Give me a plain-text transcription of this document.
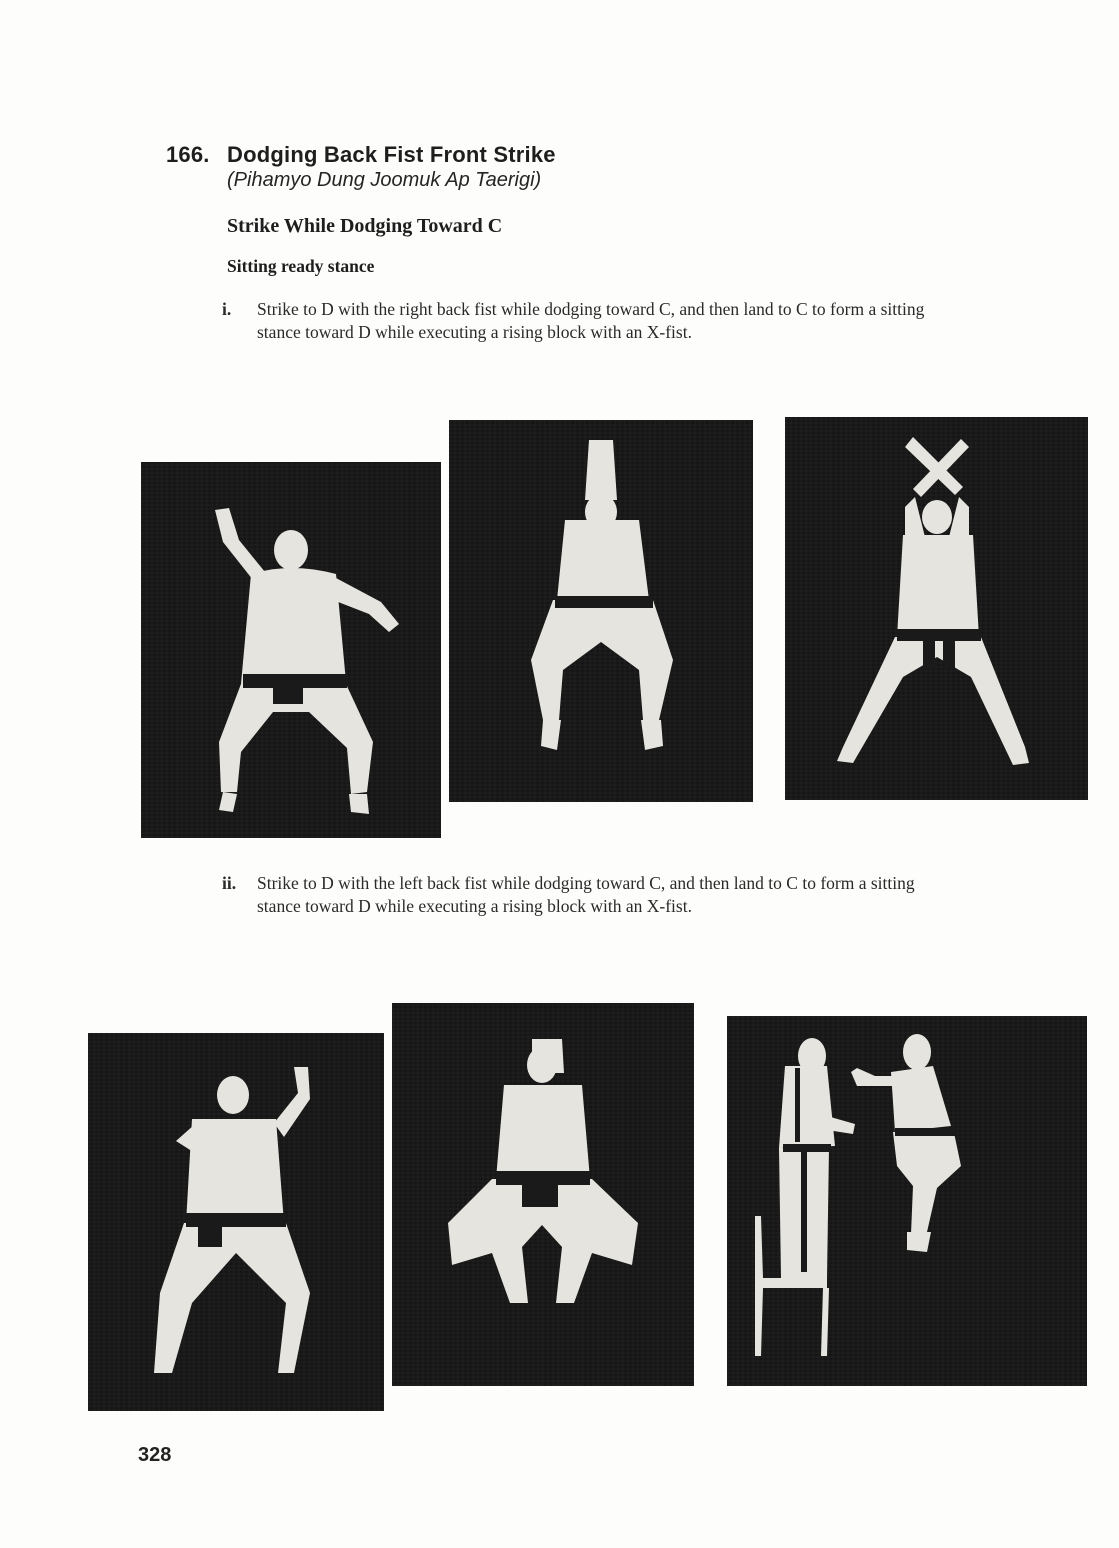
166. Dodging Back Fist Front Strike
(Pihamyo Dung Joomuk Ap Taerigi)
Strike While Dodging Toward C
Sitting ready stance
i. Strike to D with the right back fist while dodging toward C, and then land to C to form a sitting stance toward D while executing a rising block with an X-fist.
ii. Strike to D with the left back fist while dodging toward C, and then land to C to form a sitting stance toward D while executing a rising block with an X-fist.
328
